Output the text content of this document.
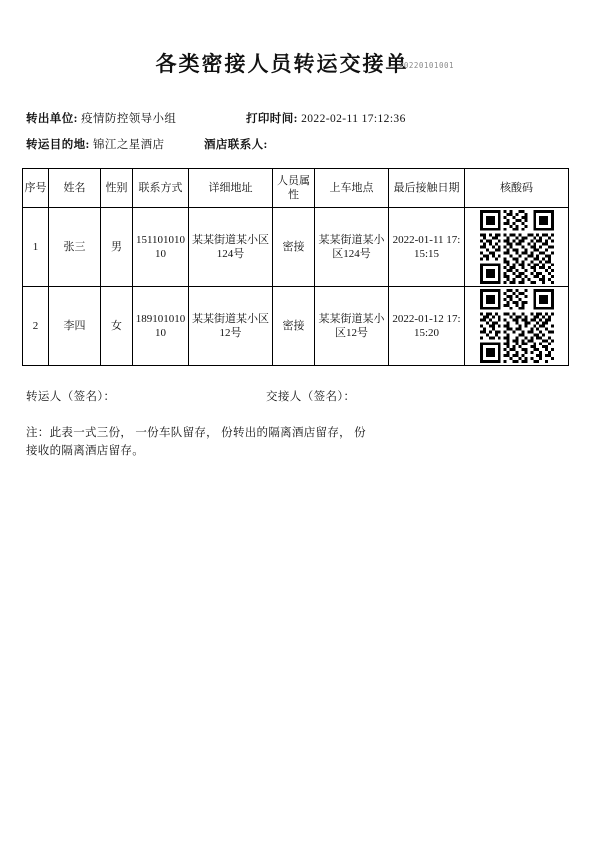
各类密接人员转运交接单
20220101001
转出单位: 疫情防控领导小组	打印时间: 2022-02-11 17:12:36
转运目的地: 锦江之星酒店	酒店联系人:
序号	姓名	性别	联系方式	详细地址	人员属性	上车地点	最后接触日期	核酸码
1	张三	男	15110101010	某某街道某小区124号	密接	某某街道某小区124号	2022-01-11 17:15:15	

2	李四	女	18910101010	某某街道某小区12号	密接	某某街道某小区12号	2022-01-12 17:15:20	
转运人（签名）：	交接人（签名）：
注：此表一式三份， 一份车队留存， 份转出的隔离酒店留存， 份
接收的隔离酒店留存。
